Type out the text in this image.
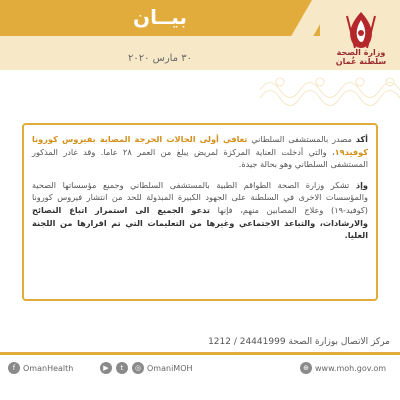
بيــان
٣٠ مارس ٢٠٢٠
وزارة الصحة
سلطنة عُمان

أكد مصدر بالمستشفى السلطاني تعافي أولى الحالات الحرجة المصابة بفيروس كورونا كوفيد١٩، والتي أدخلت العناية المركزة لمريض يبلغ من العمر ٢٨ عاما. وقد غادر المذكور المستشفى السلطاني وهو بحالة جيدة.

وإذ تشكر وزارة الصحة الطواقم الطبية بالمستشفى السلطاني وجميع مؤسساتها الصحية والمؤسسات الاخرى في السلطنة على الجهود الكبيرة المبذولة للحد من انتشار فيروس كورونا (كوفيد-١٩) وعلاج المصابين منهم، فإنها تدعو الجميع الى استمرار اتباع النصائح والارشادات، والتباعد الاجتماعي وغيرها من التعليمات التي تم اقرارها من اللجنة العليا.

مركز الاتصال بوزارة الصحة 24441999 / 1212
f OmanHealth	▶	t	◎ OmaniMOH	⊕ www.moh.gov.om
